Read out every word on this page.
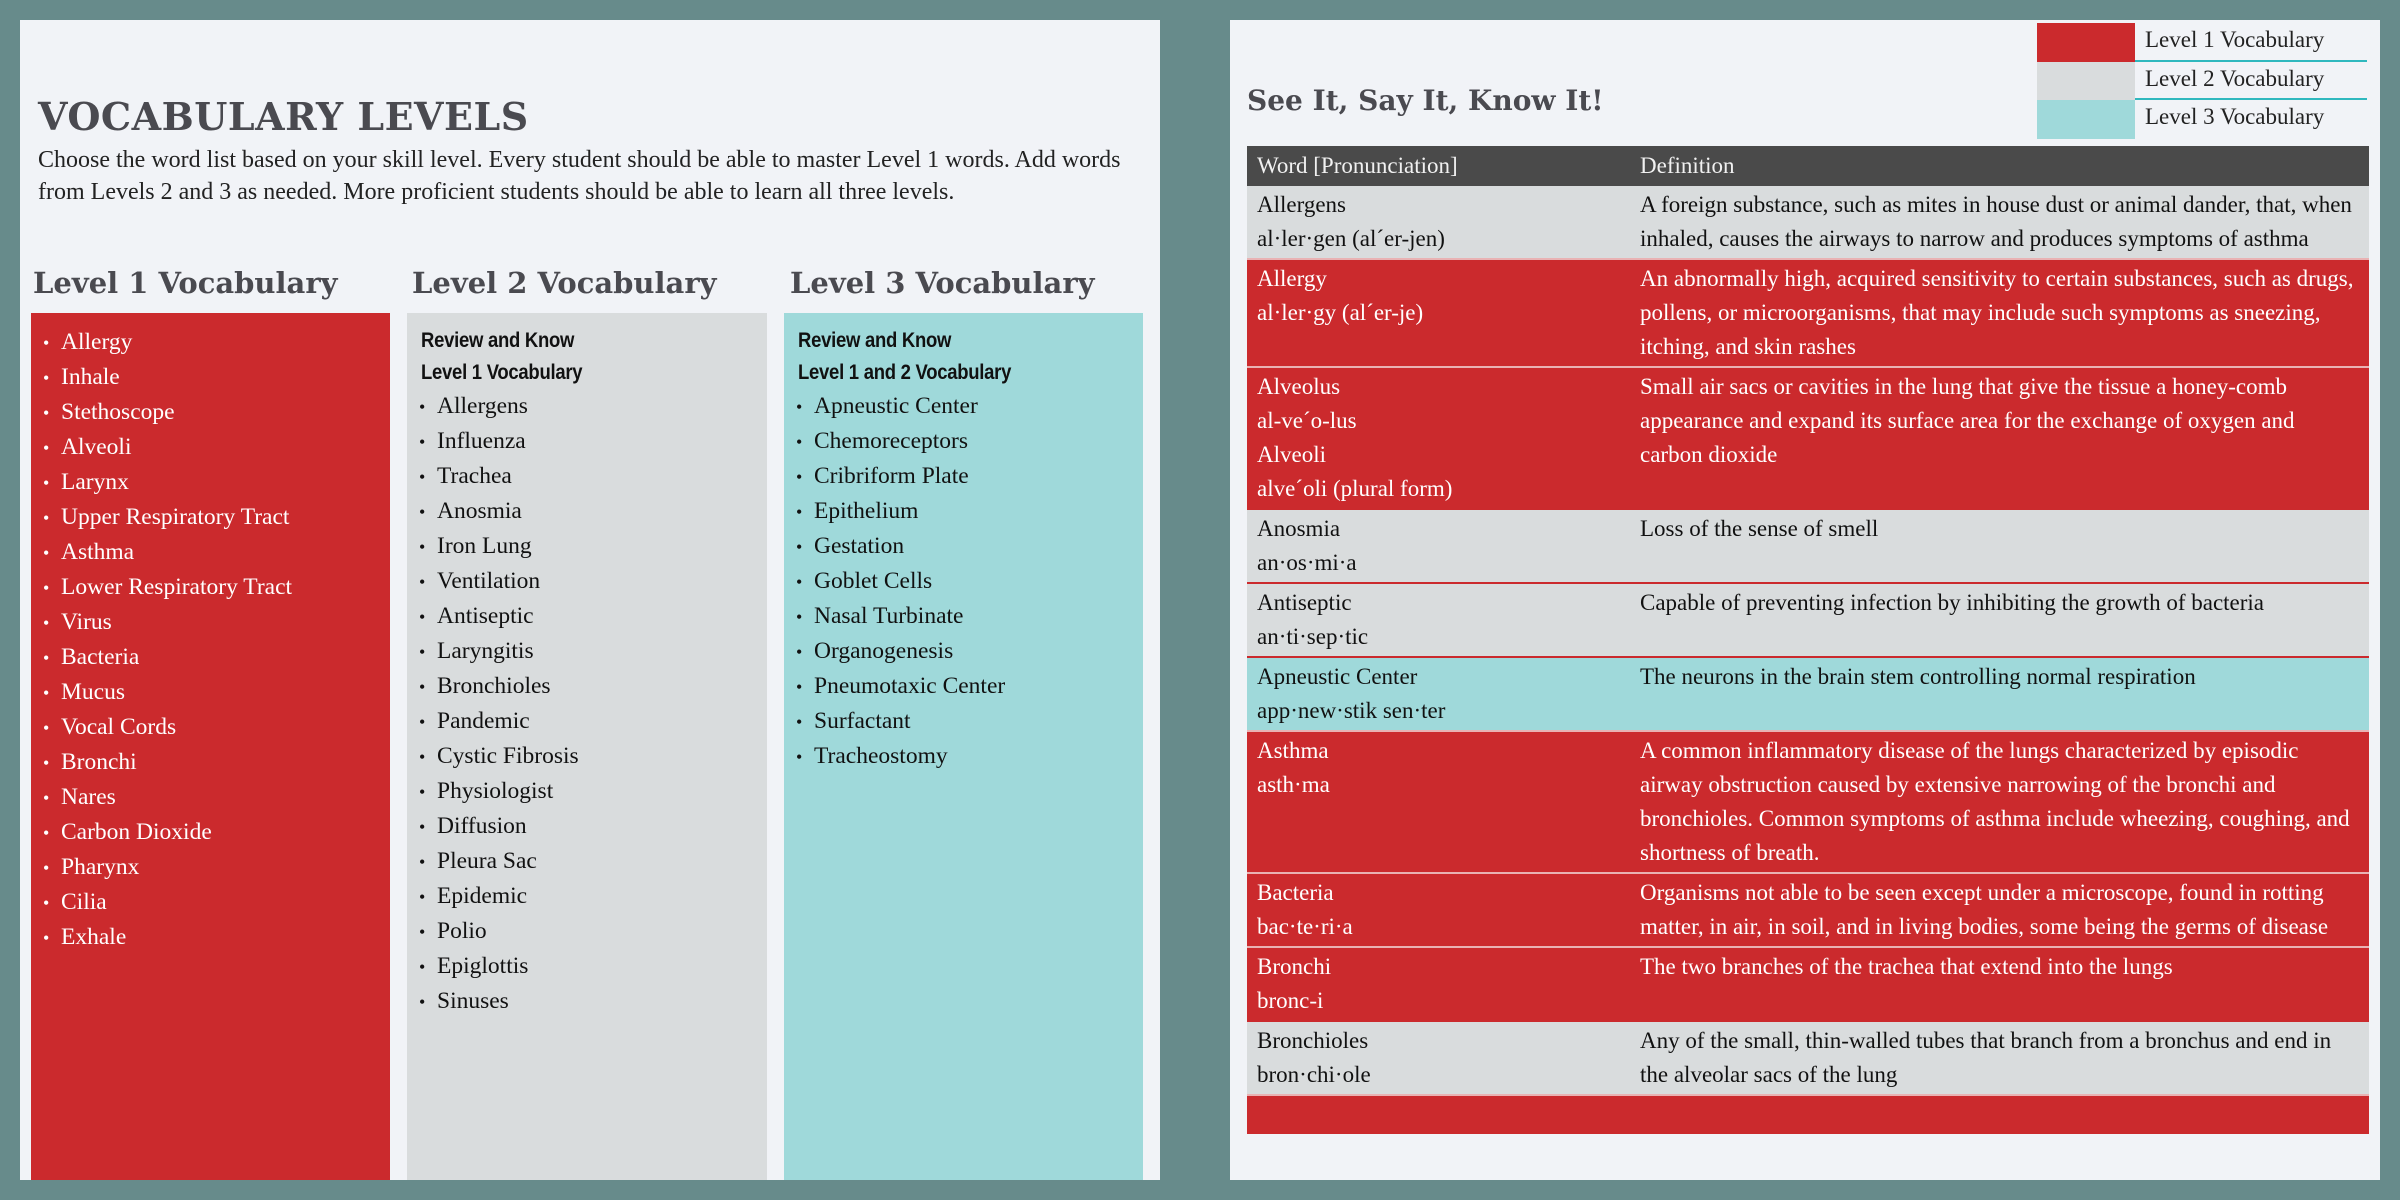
VOCABULARY LEVELS

Choose the word list based on your skill level. Every student should be able to master Level 1 words. Add words from Levels 2 and 3 as needed. More proficient students should be able to learn all three levels.

Level 1 Vocabulary	Level 2 Vocabulary	Level 3 Vocabulary
• Allergy
• Inhale
• Stethoscope
• Alveoli
• Larynx
• Upper Respiratory Tract
• Asthma
• Lower Respiratory Tract
• Virus
• Bacteria
• Mucus
• Vocal Cords
• Bronchi
• Nares
• Carbon Dioxide
• Pharynx
• Cilia
• Exhale

Review and Know

Level 1 Vocabulary

• Allergens
• Influenza
• Trachea
• Anosmia
• Iron Lung
• Ventilation
• Antiseptic
• Laryngitis
• Bronchioles
• Pandemic
• Cystic Fibrosis
• Physiologist
• Diffusion
• Pleura Sac
• Epidemic
• Polio
• Epiglottis
• Sinuses

Review and Know

Level 1 and 2 Vocabulary

• Apneustic Center
• Chemoreceptors
• Cribriform Plate
• Epithelium
• Gestation
• Goblet Cells
• Nasal Turbinate
• Organogenesis
• Pneumotaxic Center
• Surfactant
• Tracheostomy
See It, Say It, Know It!
Level 1 Vocabulary
Level 2 Vocabulary
Level 3 Vocabulary
Word [Pronunciation]	Definition

Allergens
al·ler·gen (al´er-jen)	A foreign substance, such as mites in house dust or animal dander, that, when inhaled, causes the airways to narrow and produces symptoms of asthma

Allergy
al·ler·gy (al´er-je)	An abnormally high, acquired sensitivity to certain substances, such as drugs, pollens, or microorganisms, that may include such symptoms as sneezing, itching, and skin rashes

Alveolus
al-ve´o-lus
Alveoli
alve´oli (plural form)	Small air sacs or cavities in the lung that give the tissue a honey-comb appearance and expand its surface area for the exchange of oxygen and carbon dioxide

Anosmia
an·os·mi·a	Loss of the sense of smell

Antiseptic
an·ti·sep·tic	Capable of preventing infection by inhibiting the growth of bacteria

Apneustic Center
app·new·stik sen·ter	The neurons in the brain stem controlling normal respiration

Asthma
asth·ma	A common inflammatory disease of the lungs characterized by episodic airway obstruction caused by extensive narrowing of the bronchi and bronchioles. Common symptoms of asthma include wheezing, coughing, and shortness of breath.

Bacteria
bac·te·ri·a	Organisms not able to be seen except under a microscope, found in rotting matter, in air, in soil, and in living bodies, some being the germs of disease

Bronchi
bronc-i	The two branches of the trachea that extend into the lungs

Bronchioles
bron·chi·ole	Any of the small, thin-walled tubes that branch from a bronchus and end in the alveolar sacs of the lung
